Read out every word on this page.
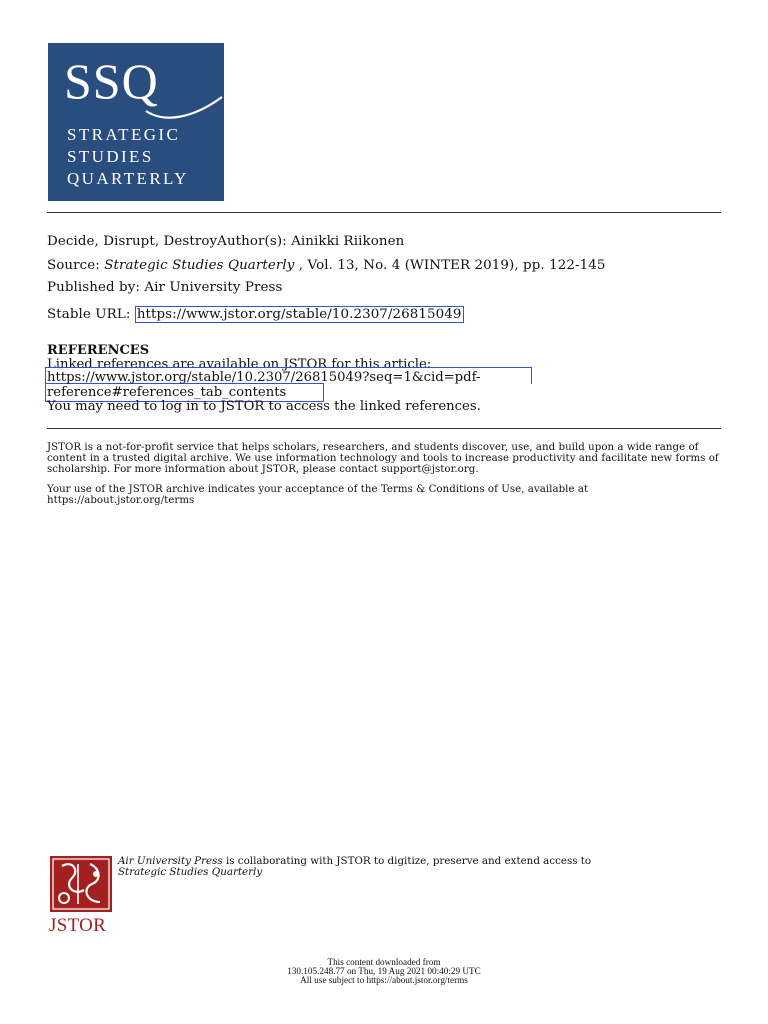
SSQ
STRATEGIC
STUDIES
QUARTERLY
Decide, Disrupt, DestroyAuthor(s): Ainikki Riikonen
Source: Strategic Studies Quarterly , Vol. 13, No. 4 (WINTER 2019), pp. 122-145
Published by: Air University Press
Stable URL: https://www.jstor.org/stable/10.2307/26815049
REFERENCES
Linked references are available on JSTOR for this article:
https://www.jstor.org/stable/10.2307/26815049?seq=1&cid=pdf-
reference#references_tab_contents
You may need to log in to JSTOR to access the linked references.
JSTOR is a not-for-profit service that helps scholars, researchers, and students discover, use, and build upon a wide range of content in a trusted digital archive. We use information technology and tools to increase productivity and facilitate new forms of scholarship. For more information about JSTOR, please contact support@jstor.org.
Your use of the JSTOR archive indicates your acceptance of the Terms & Conditions of Use, available at https://about.jstor.org/terms
JSTOR
Air University Press is collaborating with JSTOR to digitize, preserve and extend access to
Strategic Studies Quarterly
This content downloaded from
130.105.248.77 on Thu, 19 Aug 2021 00:40:29 UTC
All use subject to https://about.jstor.org/terms
